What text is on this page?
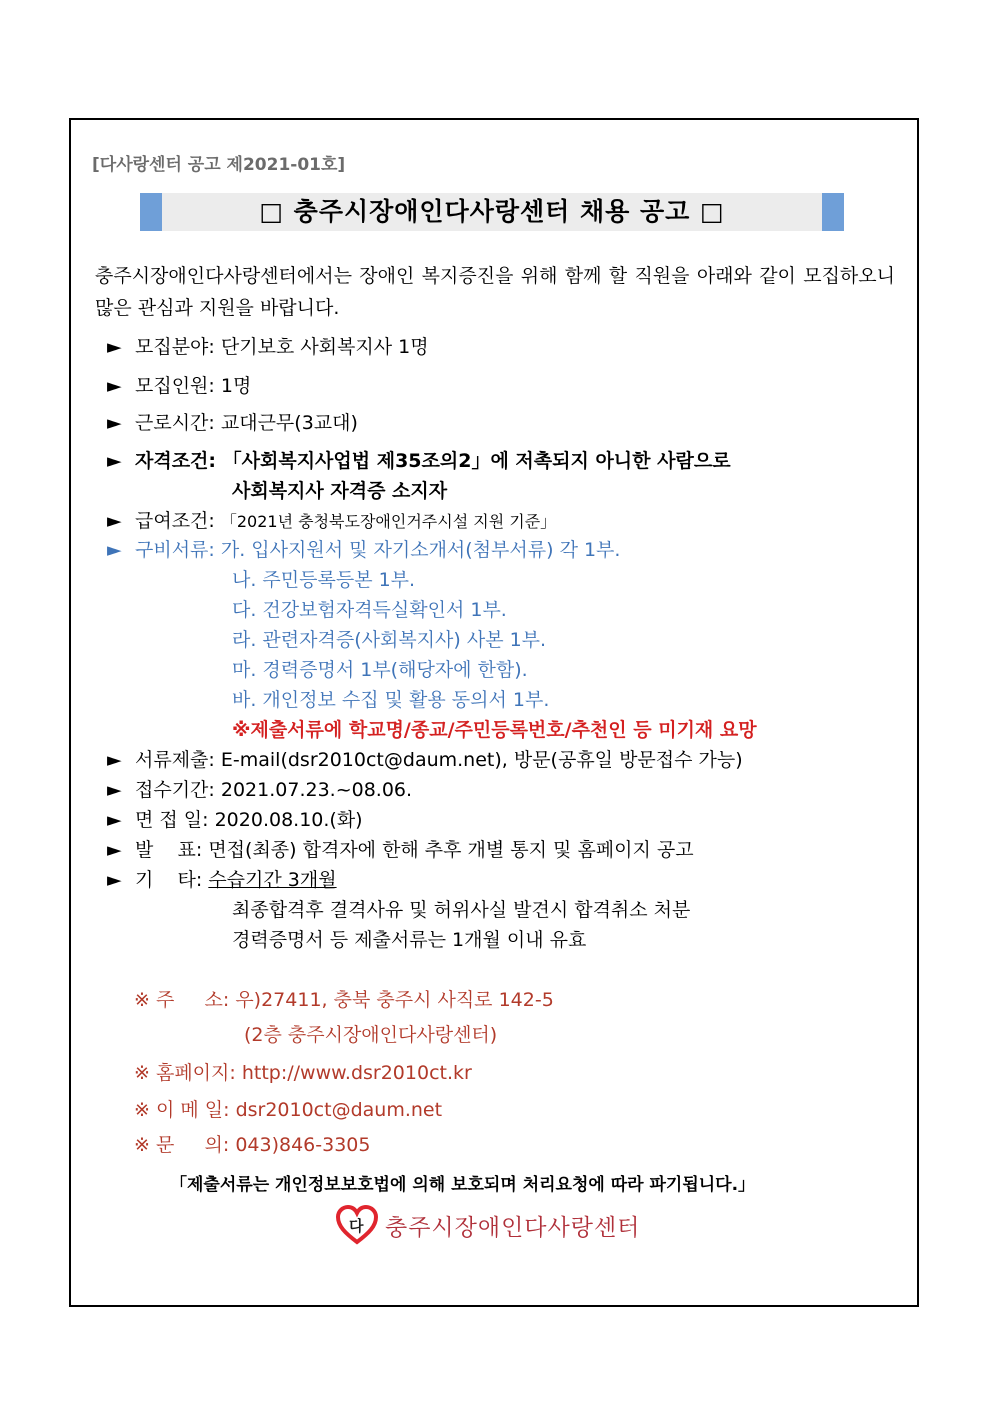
[다사랑센터 공고 제2021-01호]
□ 충주시장애인다사랑센터 채용 공고 □
충주시장애인다사랑센터에서는 장애인 복지증진을 위해 함께 할 직원을 아래와 같이 모집하오니 많은 관심과 지원을 바랍니다.
► 모집분야: 단기보호 사회복지사 1명
► 모집인원: 1명
► 근로시간: 교대근무(3교대)
► 자격조건: 「사회복지사업법 제35조의2」에 저촉되지 아니한 사람으로
사회복지사 자격증 소지자
► 급여조건: 「2021년 충청북도장애인거주시설 지원 기준」
► 구비서류: 가. 입사지원서 및 자기소개서(첨부서류) 각 1부.
나. 주민등록등본 1부.
다. 건강보험자격득실확인서 1부.
라. 관련자격증(사회복지사) 사본 1부.
마. 경력증명서 1부(해당자에 한함).
바. 개인정보 수집 및 활용 동의서 1부.
※제출서류에 학교명/종교/주민등록번호/추천인 등 미기재 요망
► 서류제출: E-mail(dsr2010ct@daum.net), 방문(공휴일 방문접수 가능)
► 접수기간: 2021.07.23.~08.06.
► 면 접 일: 2020.08.10.(화)
► 발    표: 면접(최종) 합격자에 한해 추후 개별 통지 및 홈페이지 공고
► 기    타: 수습기간 3개월
최종합격후 결격사유 및 허위사실 발견시 합격취소 처분
경력증명서 등 제출서류는 1개월 이내 유효
※ 주     소: 우)27411, 충북 충주시 사직로 142-5
(2층 충주시장애인다사랑센터)
※ 홈페이지: http://www.dsr2010ct.kr
※ 이 메 일: dsr2010ct@daum.net
※ 문     의: 043)846-3305
「제출서류는 개인정보보호법에 의해 보호되며 처리요청에 따라 파기됩니다.」
다 충주시장애인다사랑센터
